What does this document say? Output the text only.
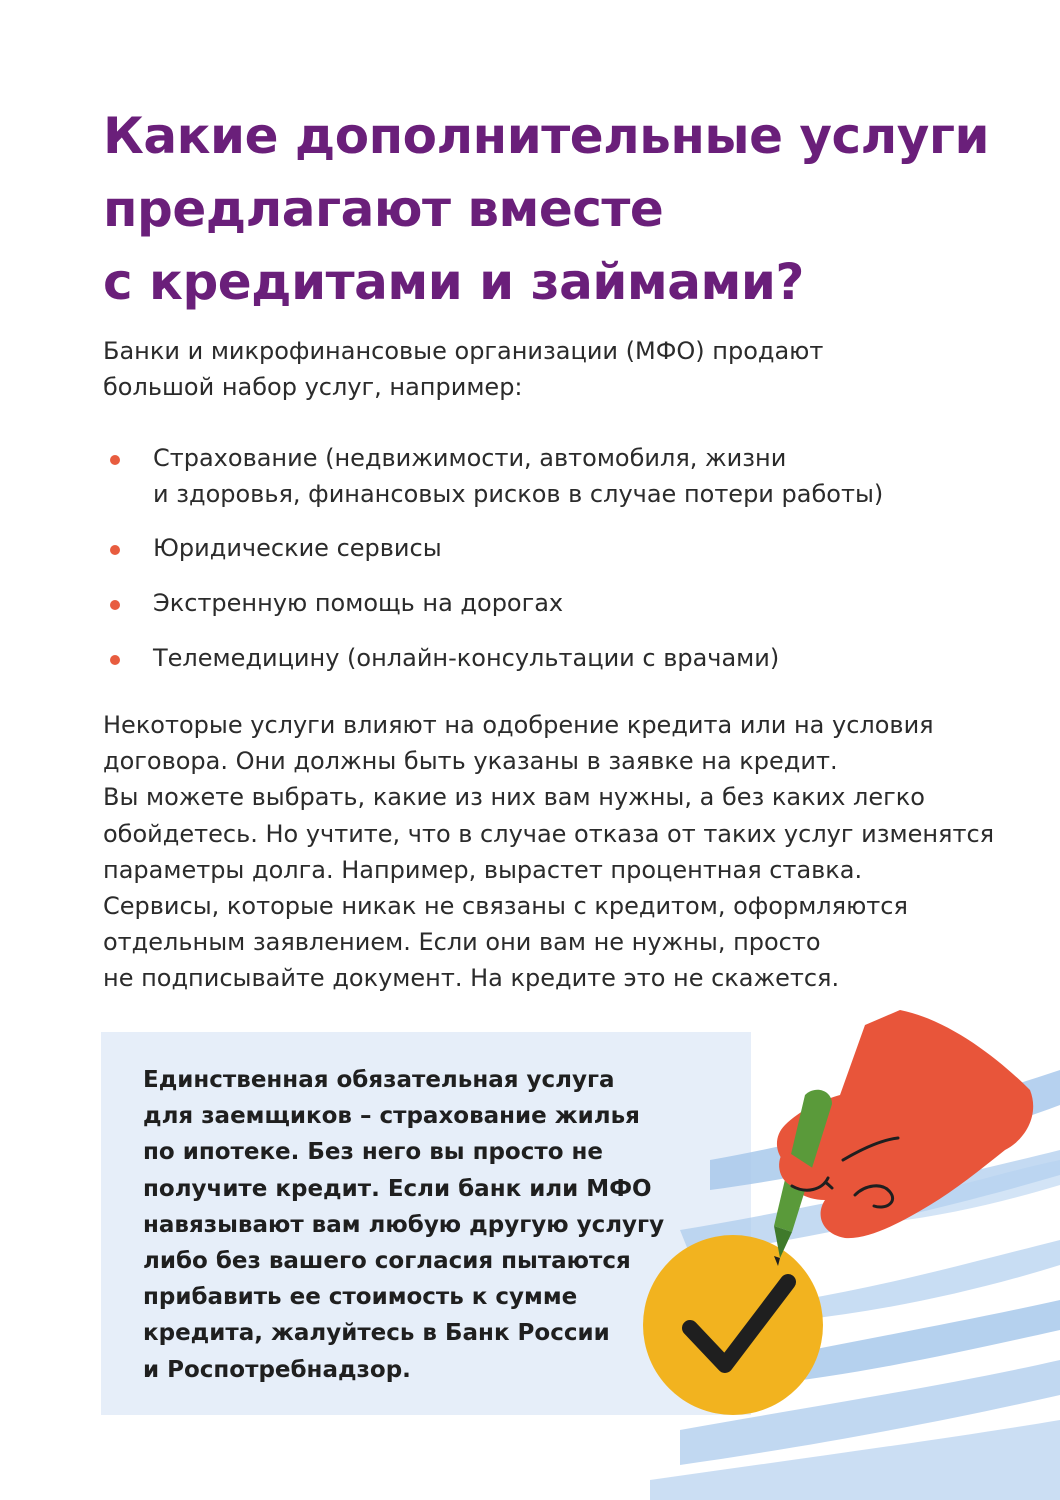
Какие дополнительные услуги
предлагают вместе
с кредитами и займами?

Банки и микрофинансовые организации (МФО) продают
большой набор услуг, например:

Страхование (недвижимости, автомобиля, жизни
и здоровья, финансовых рисков в случае потери работы)
Юридические сервисы
Экстренную помощь на дорогах
Телемедицину (онлайн-консультации с врачами)

Некоторые услуги влияют на одобрение кредита или на условия
договора. Они должны быть указаны в заявке на кредит.
Вы можете выбрать, какие из них вам нужны, а без каких легко
обойдетесь. Но учтите, что в случае отказа от таких услуг изменятся
параметры долга. Например, вырастет процентная ставка.
Сервисы, которые никак не связаны с кредитом, оформляются
отдельным заявлением. Если они вам не нужны, просто
не подписывайте документ. На кредите это не скажется.

Единственная обязательная услуга
для заемщиков – страхование жилья
по ипотеке. Без него вы просто не
получите кредит. Если банк или МФО
навязывают вам любую другую услугу
либо без вашего согласия пытаются
прибавить ее стоимость к сумме
кредита, жалуйтесь в Банк России
и Роспотребнадзор.
